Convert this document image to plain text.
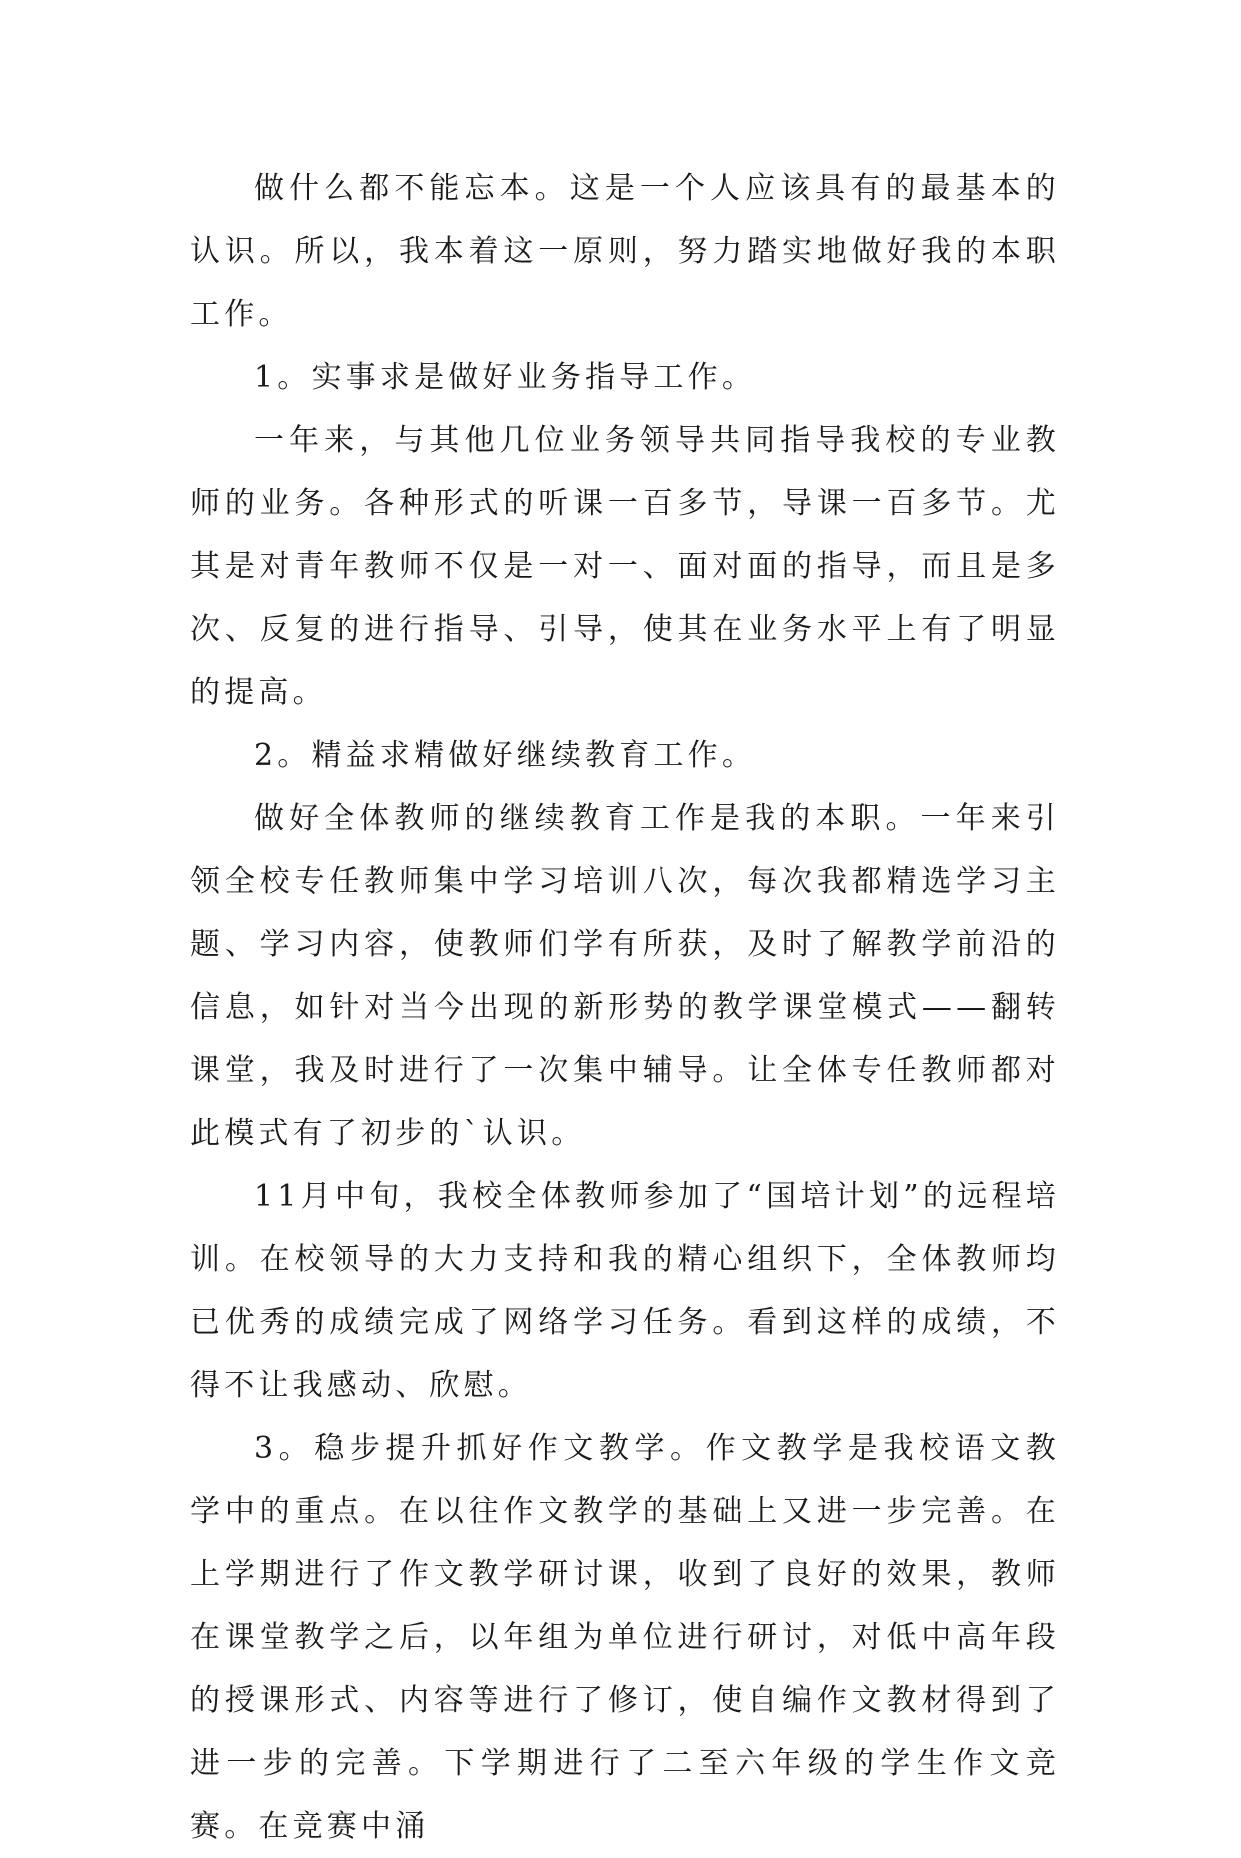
做什么都不能忘本。这是一个人应该具有的最基本的认识。所以，我本着这一原则，努力踏实地做好我的本职工作。

1。实事求是做好业务指导工作。

一年来，与其他几位业务领导共同指导我校的专业教师的业务。各种形式的听课一百多节，导课一百多节。尤其是对青年教师不仅是一对一、面对面的指导，而且是多次、反复的进行指导、引导，使其在业务水平上有了明显的提高。

2。精益求精做好继续教育工作。

做好全体教师的继续教育工作是我的本职。一年来引领全校专任教师集中学习培训八次，每次我都精选学习主题、学习内容，使教师们学有所获，及时了解教学前沿的信息，如针对当今出现的新形势的教学课堂模式——翻转课堂，我及时进行了一次集中辅导。让全体专任教师都对此模式有了初步的`认识。

11月中旬，我校全体教师参加了“国培计划”的远程培训。在校领导的大力支持和我的精心组织下，全体教师均已优秀的成绩完成了网络学习任务。看到这样的成绩，不得不让我感动、欣慰。

3。稳步提升抓好作文教学。作文教学是我校语文教学中的重点。在以往作文教学的基础上又进一步完善。在上学期进行了作文教学研讨课，收到了良好的效果，教师在课堂教学之后，以年组为单位进行研讨，对低中高年段的授课形式、内容等进行了修订，使自编作文教材得到了进一步的完善。下学期进行了二至六年级的学生作文竞赛。在竞赛中涌
